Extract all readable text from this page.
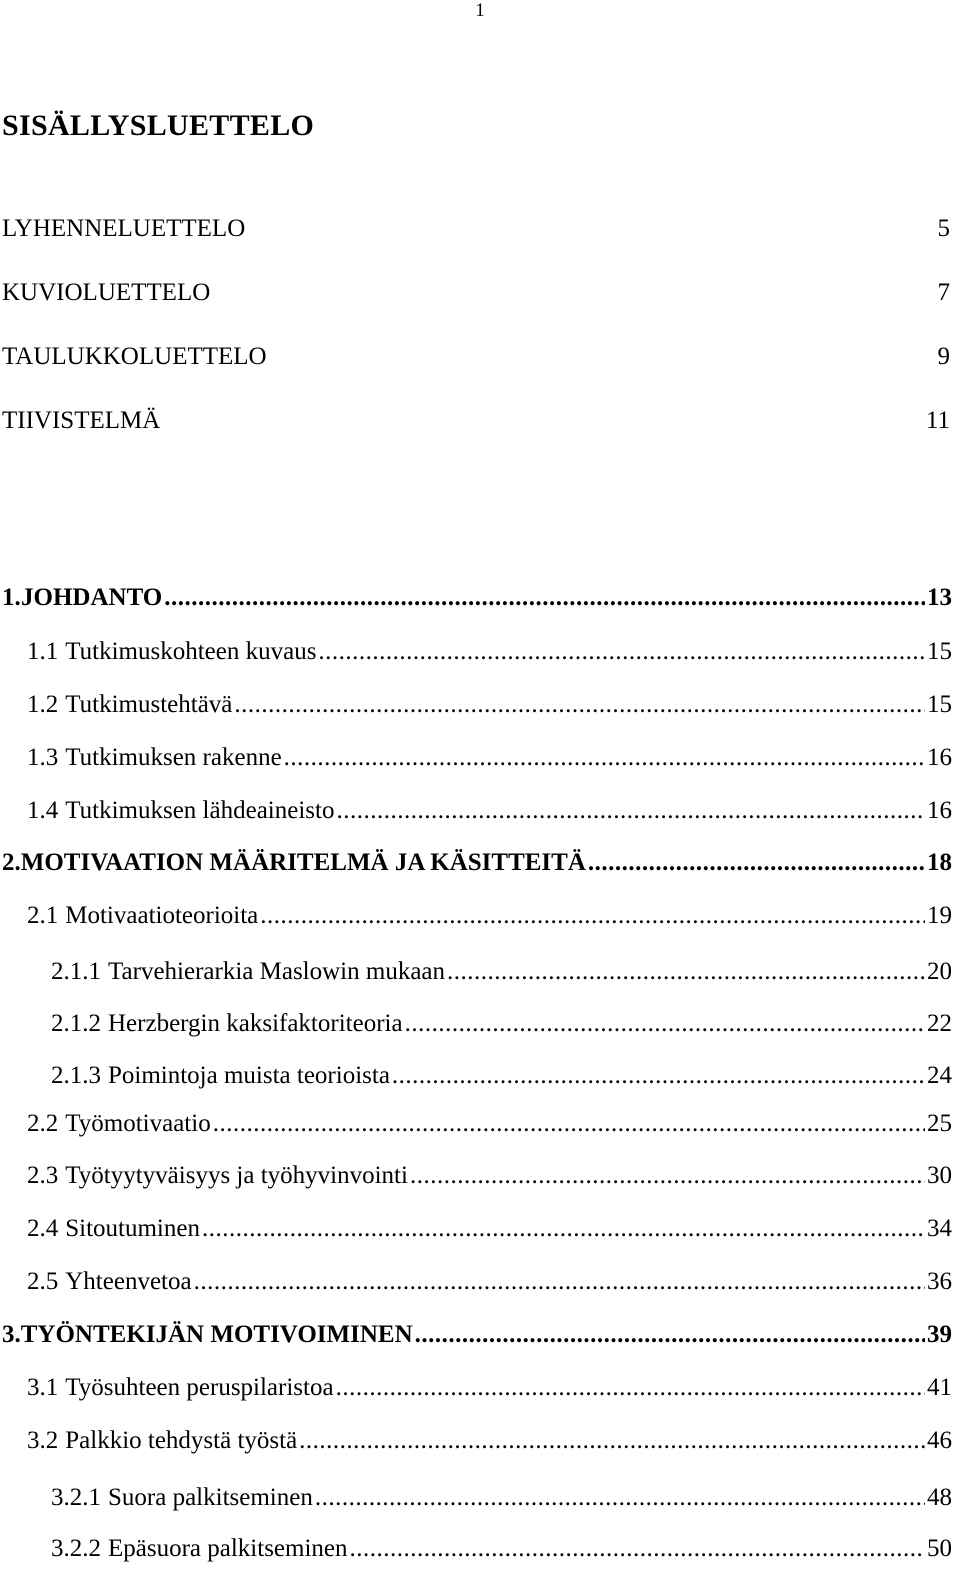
1
SISÄLLYSLUETTELO
LYHENNELUETTELO	5
KUVIOLUETTELO	7
TAULUKKOLUETTELO	9
TIIVISTELMÄ	11
1. JOHDANTO .....	13
1.1 Tutkimuskohteen kuvaus .....	15
1.2 Tutkimustehtävä .....	15
1.3 Tutkimuksen rakenne .....	16
1.4 Tutkimuksen lähdeaineisto .....	16
2. MOTIVAATION MÄÄRITELMÄ JA KÄSITTEITÄ .....	18
2.1 Motivaatioteorioita .....	19
2.1.1 Tarvehierarkia Maslowin mukaan .....	20
2.1.2 Herzbergin kaksifaktoriteoria .....	22
2.1.3 Poimintoja muista teorioista .....	24
2.2 Työmotivaatio .....	25
2.3 Työtyytyväisyys ja työhyvinvointi .....	30
2.4 Sitoutuminen .....	34
2.5 Yhteenvetoa .....	36
3. TYÖNTEKIJÄN MOTIVOIMINEN .....	39
3.1 Työsuhteen peruspilaristoa .....	41
3.2 Palkkio tehdystä työstä .....	46
3.2.1 Suora palkitseminen .....	48
3.2.2 Epäsuora palkitseminen .....	50
